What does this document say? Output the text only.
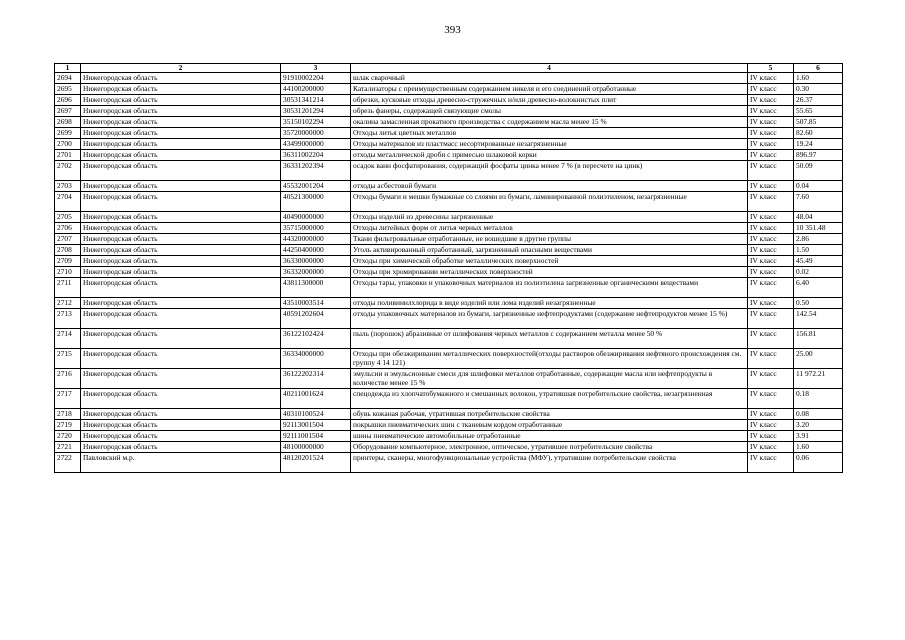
393
1	2	3	4	5	6
2694	Нижегородская область	91910002204	шлак сварочный	IV класс	1.60
2695	Нижегородская область	44100200000	Катализаторы с преимущественным содержанием никеля и его соединений отработанные	IV класс	0.30
2696	Нижегородская область	30531341214	обрезки, кусковые отходы древесно-стружечных и/или древесно-волокнистых плит	IV класс	26.37
2697	Нижегородская область	30531201294	обрезь фанеры, содержащей связующие смолы	IV класс	55.65
2698	Нижегородская область	35150102294	окалина замасленная прокатного производства с содержанием масла менее 15 %	IV класс	507.85
2699	Нижегородская область	35720000000	Отходы литья цветных металлов	IV класс	82.60
2700	Нижегородская область	43499000000	Отходы материалов из пластмасс несортированные незагрязненные	IV класс	19.24
2701	Нижегородская область	36311002204	отходы металлической дроби с примесью шлаковой корки	IV класс	896.97
2702	Нижегородская область	36331202394	осадок ванн фосфатирования, содержащий фосфаты цинка менее 7 % (в пересчете на цинк)	IV класс	50.09
2703	Нижегородская область	45532001204	отходы асбестовой бумаги	IV класс	0.04
2704	Нижегородская область	40521300000	Отходы бумаги и мешки бумажные со слоями из бумаги, ламинированной полиэтиленом, незагрязненные	IV класс	7.60
2705	Нижегородская область	40490000000	Отходы изделий из древесины загрязненные	IV класс	48.04
2706	Нижегородская область	35715000000	Отходы литейных форм от литья черных металлов	IV класс	10 351.48
2707	Нижегородская область	44320000000	Ткани фильтровальные отработанные, не вошедшие в другие группы	IV класс	2.86
2708	Нижегородская область	44250400000	Уголь активированный отработанный, загрязненный опасными веществами	IV класс	1.50
2709	Нижегородская область	36330000000	Отходы при химической обработке металлических поверхностей	IV класс	45.49
2710	Нижегородская область	36332000000	Отходы при хромировании металлических поверхностей	IV класс	0.02
2711	Нижегородская область	43811300000	Отходы тары, упаковки и упаковочных материалов из полиэтилена загрязненные органическими веществами	IV класс	6.40
2712	Нижегородская область	43510003514	отходы поливинилхлорида в виде изделий или лома изделий незагрязненные	IV класс	0.50
2713	Нижегородская область	40591202604	отходы упаковочных материалов из бумаги, загрязненные нефтепродуктами (содержание нефтепродуктов менее 15 %)	IV класс	142.54
2714	Нижегородская область	36122102424	пыль (порошок) абразивные от шлифования черных металлов с содержанием металла менее 50 %	IV класс	156.81
2715	Нижегородская область	36334000000	Отходы при обезжиривании металлических поверхностей(отходы растворов обезжиривания нефтяного происхождения см. группу 4 14 121)	IV класс	25.00
2716	Нижегородская область	36122202314	эмульсии и эмульсионные смеси для шлифовки металлов отработанные, содержащие масла или нефтепродукты в количестве менее 15 %	IV класс	11 972.21
2717	Нижегородская область	40211001624	спецодежда из хлопчатобумажного и смешанных волокон, утратившая потребительские свойства, незагрязненная	IV класс	0.18
2718	Нижегородская область	40310100524	обувь кожаная рабочая, утратившая потребительские свойства	IV класс	0.08
2719	Нижегородская область	92113001504	покрышки пневматических шин с тканевым кордом отработанные	IV класс	3.20
2720	Нижегородская область	92111001504	шины пневматические автомобильные отработанные	IV класс	3.91
2721	Нижегородская область	48100000000	Оборудование компьютерное, электронное, оптическое, утратившее потребительские свойства	IV класс	1.60
2722	Павловский м.р.	48120201524	принтеры, сканеры, многофункциональные устройства (МФУ), утратившие потребительские свойства	IV класс	0.06
